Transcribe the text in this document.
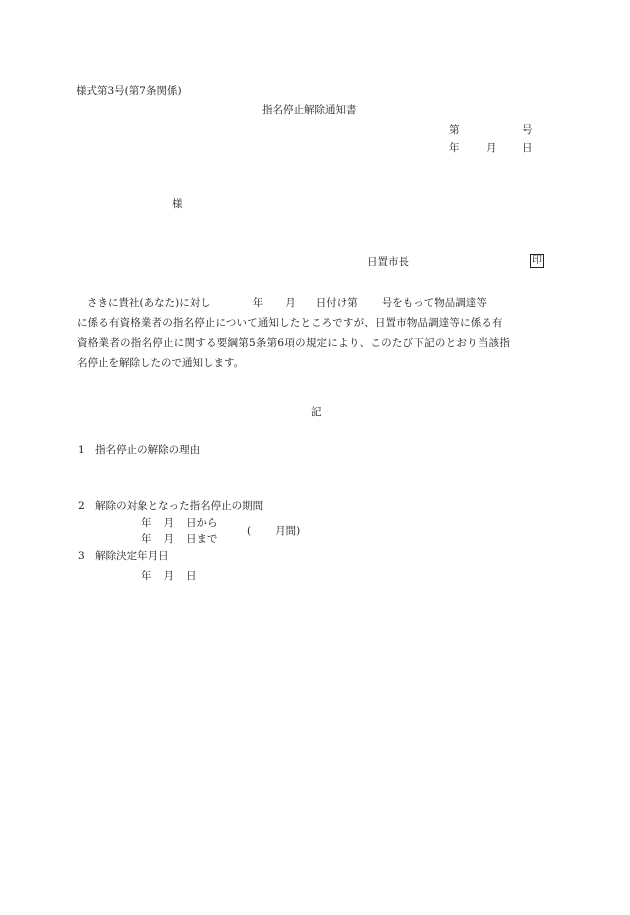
様式第3号(第7条関係)
指名停止解除通知書
第	号
年	月 日
様
日置市長	印
さきに貴社(あなた)に対し	年 月 日付け第 号をもって物品調達等
に係る有資格業者の指名停止について通知したところですが、日置市物品調達等に係る有
資格業者の指名停止に関する要綱第5条第6項の規定により、このたび下記のとおり当該指
名停止を解除したので通知します。
記
1　指名停止の解除の理由
2　解除の対象となった指名停止の期間
年 月 日から
年 月 日まで
( 月間)
3　解除決定年月日
年 月 日
